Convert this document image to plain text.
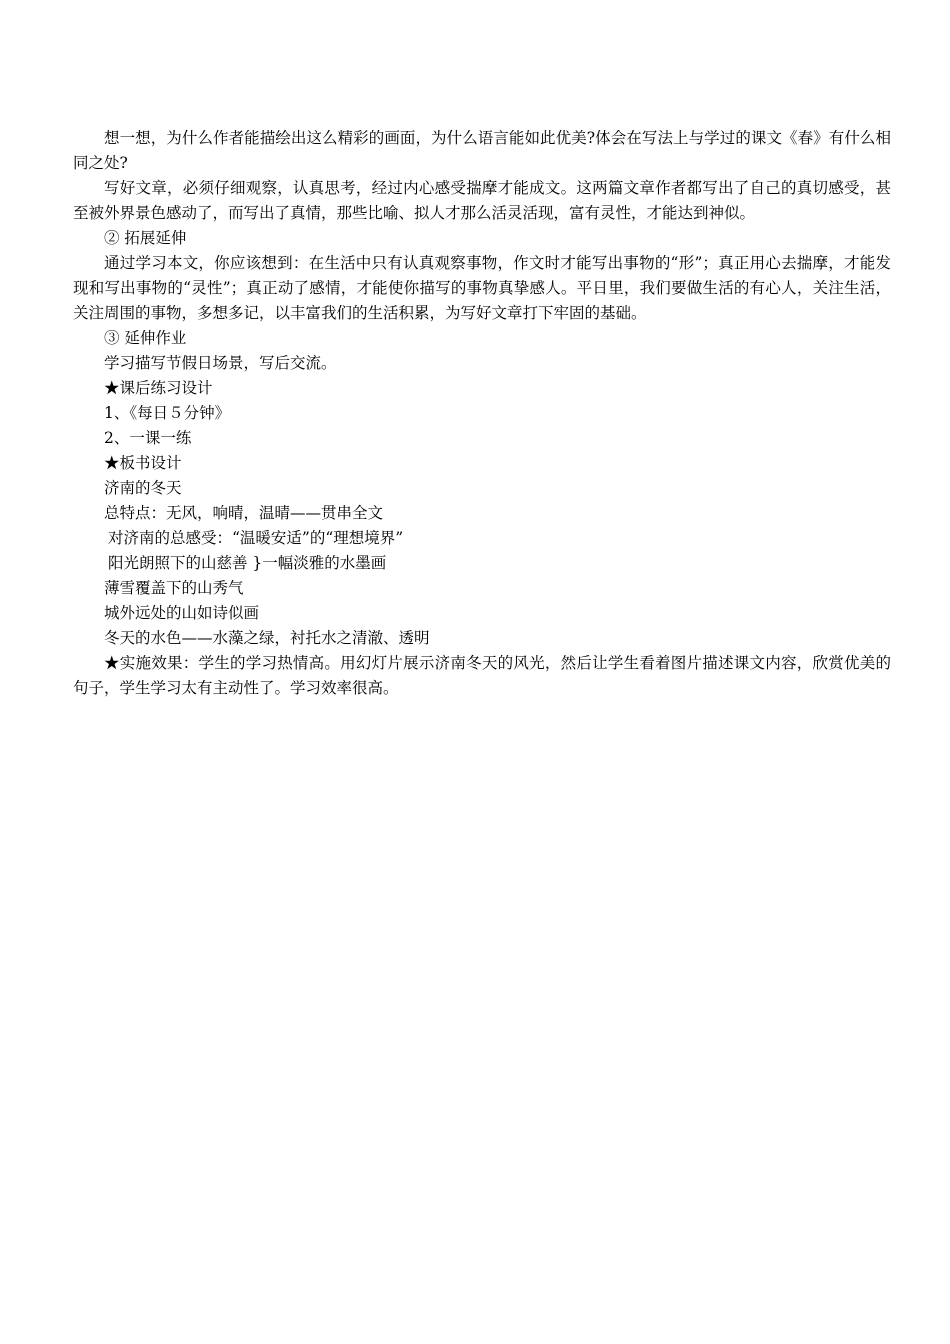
想一想，为什么作者能描绘出这么精彩的画面，为什么语言能如此优美?体会在写法上与学过的课文《春》有什么相同之处?

写好文章，必须仔细观察，认真思考，经过内心感受揣摩才能成文。这两篇文章作者都写出了自己的真切感受，甚至被外界景色感动了，而写出了真情，那些比喻、拟人才那么活灵活现，富有灵性，才能达到神似。

② 拓展延伸

通过学习本文，你应该想到：在生活中只有认真观察事物，作文时才能写出事物的“形”；真正用心去揣摩，才能发现和写出事物的“灵性”；真正动了感情，才能使你描写的事物真挚感人。平日里，我们要做生活的有心人，关注生活，关注周围的事物，多想多记，以丰富我们的生活积累，为写好文章打下牢固的基础。

③ 延伸作业

学习描写节假日场景，写后交流。

★课后练习设计

1、《每日５分钟》

2、一课一练

★板书设计

济南的冬天

总特点：无风，响晴，温晴——贯串全文

对济南的总感受：“温暖安适”的“理想境界”

阳光朗照下的山慈善 }一幅淡雅的水墨画

薄雪覆盖下的山秀气

城外远处的山如诗似画

冬天的水色——水藻之绿，衬托水之清澈、透明

★实施效果：学生的学习热情高。用幻灯片展示济南冬天的风光，然后让学生看着图片描述课文内容，欣赏优美的句子，学生学习太有主动性了。学习效率很高。
